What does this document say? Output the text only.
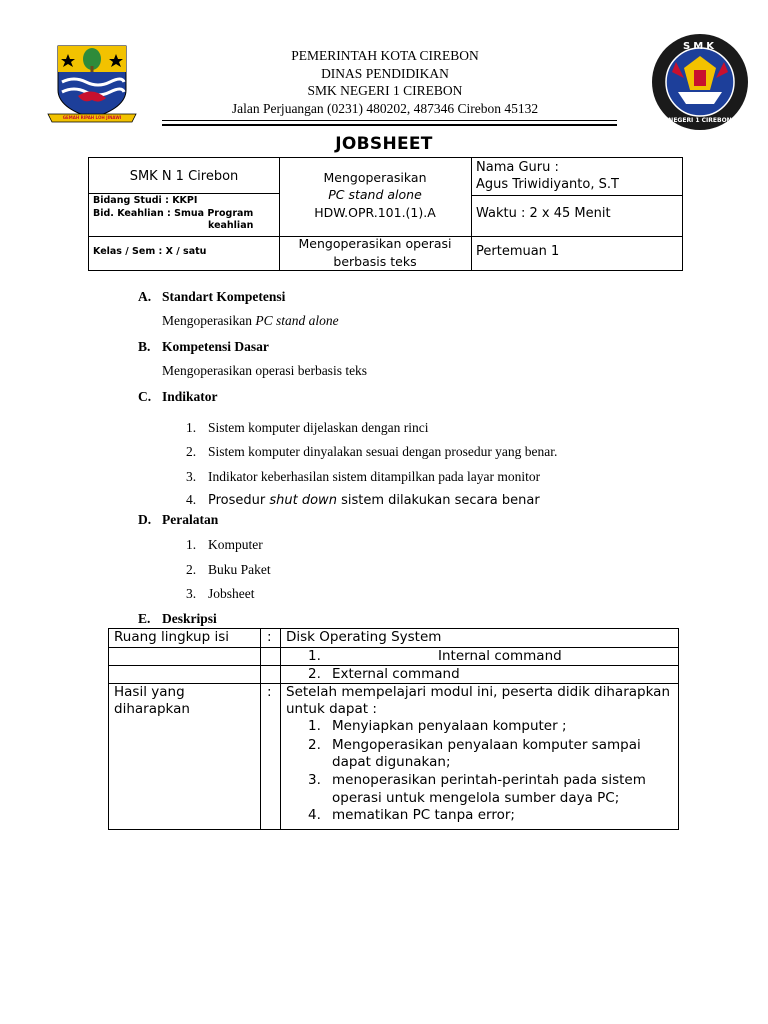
GEMAH RIPAH LOH JINAWI
PEMERINTAH KOTA CIREBON
DINAS PENDIDIKAN
SMK NEGERI 1 CIREBON
Jalan Perjuangan (0231) 480202, 487346 Cirebon 45132
SMK
NEGERI 1 CIREBON
JOBSHEET
SMK N 1 Cirebon
Bidang Studi : KKPI
Bid. Keahlian : Smua Program
keahlian
Kelas / Sem : X / satu
Mengoperasikan
PC stand alone
HDW.OPR.101.(1).A
Mengoperasikan operasi
berbasis teks
Nama Guru :
Agus Triwidiyanto, S.T
Waktu : 2 x 45 Menit
Pertemuan 1
A. Standart Kompetensi
Mengoperasikan PC stand alone
B. Kompetensi Dasar
Mengoperasikan operasi berbasis teks
C. Indikator
1. Sistem komputer dijelaskan dengan rinci
2. Sistem komputer dinyalakan sesuai dengan prosedur yang benar.
3. Indikator keberhasilan sistem ditampilkan pada layar monitor
4. Prosedur shut down sistem dilakukan secara benar
D. Peralatan
1. Komputer
2. Buku Paket
3. Jobsheet
E. Deskripsi
Ruang lingkup isi	: Disk Operating System
1.	Internal command
2. External command
Hasil yang
diharapkan
: Setelah mempelajari modul ini, peserta didik diharapkan
untuk dapat :
1. Menyiapkan penyalaan komputer ;
2. Mengoperasikan penyalaan komputer sampai
dapat digunakan;
3. menoperasikan perintah-perintah pada sistem
operasi untuk mengelola sumber daya PC;
4. mematikan PC tanpa error;
